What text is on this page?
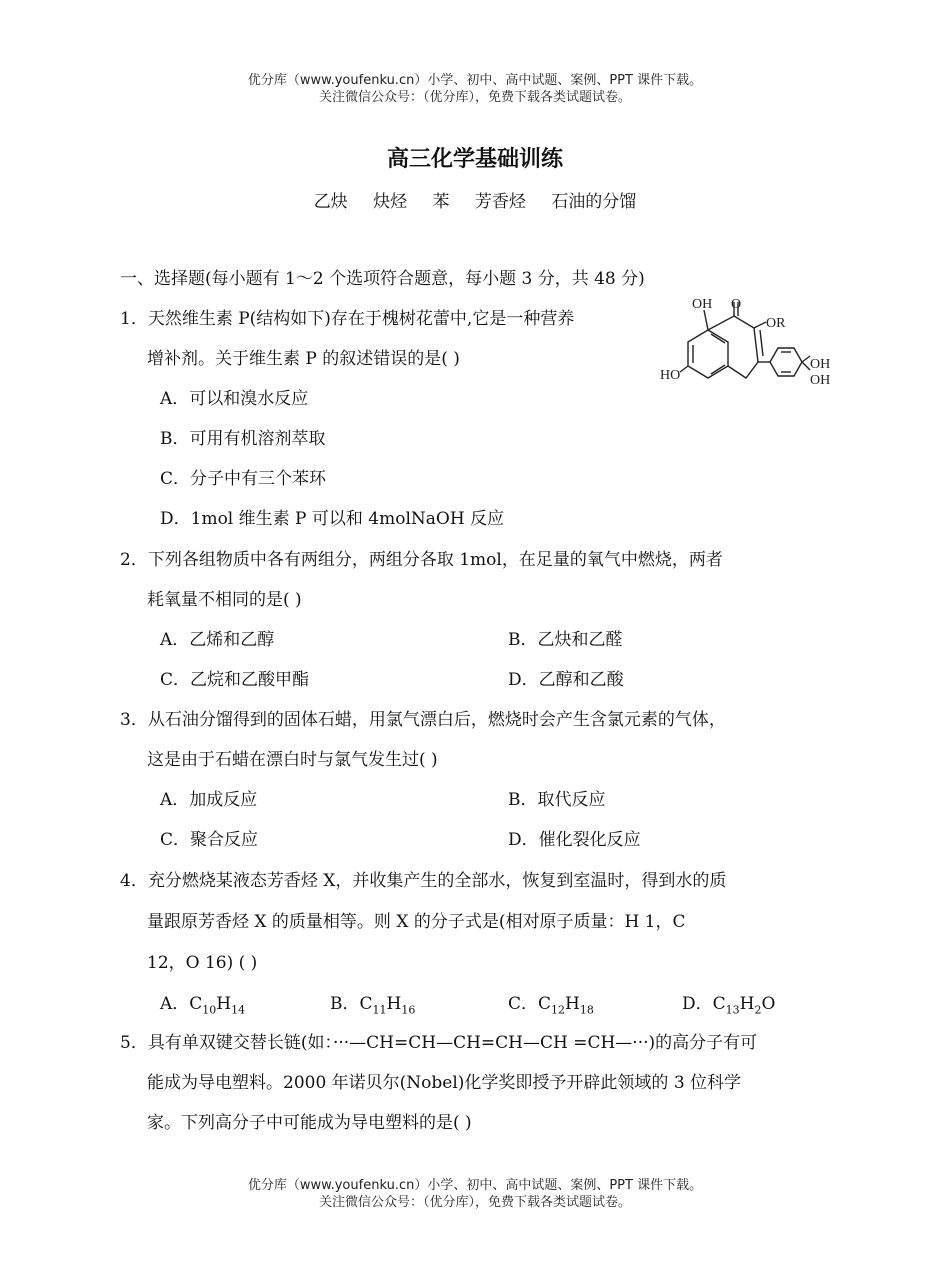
优分库（www.youfenku.cn）小学、初中、高中试题、案例、PPT 课件下载。
关注微信公众号：（优分库），免费下载各类试题试卷。
高三化学基础训练
乙炔 炔烃 苯 芳香烃 石油的分馏
一、选择题(每小题有 1～2 个选项符合题意，每小题 3 分，共 48 分)
1．天然维生素 P(结构如下)存在于槐树花蕾中,它是一种营养
增补剂。关于维生素 P 的叙述错误的是( )
A．可以和溴水反应
B．可用有机溶剂萃取
C．分子中有三个苯环
D．1mol 维生素 P 可以和 4molNaOH 反应
OH O
OR
HO
OH
OH
2．下列各组物质中各有两组分，两组分各取 1mol，在足量的氧气中燃烧，两者
耗氧量不相同的是( )
A．乙烯和乙醇	B．乙炔和乙醛
C．乙烷和乙酸甲酯	D．乙醇和乙酸
3．从石油分馏得到的固体石蜡，用氯气漂白后，燃烧时会产生含氯元素的气体，
这是由于石蜡在漂白时与氯气发生过( )
A．加成反应	B．取代反应
C．聚合反应	D．催化裂化反应
4．充分燃烧某液态芳香烃 X，并收集产生的全部水，恢复到室温时，得到水的质
量跟原芳香烃 X 的质量相等。则 X 的分子式是(相对原子质量：H 1，C
12，O 16) ( )
A．$C_{10}H_{14}$	B．$C_{11}H_{16}$	C．$C_{12}H_{18}$	D．$C_{13}H_2O$
5．具有单双键交替长链(如：···—CH=CH—CH=CH—CH =CH—···)的高分子有可
能成为导电塑料。2000 年诺贝尔(Nobel)化学奖即授予开辟此领域的 3 位科学
家。下列高分子中可能成为导电塑料的是( )
优分库（www.youfenku.cn）小学、初中、高中试题、案例、PPT 课件下载。
关注微信公众号：（优分库），免费下载各类试题试卷。
